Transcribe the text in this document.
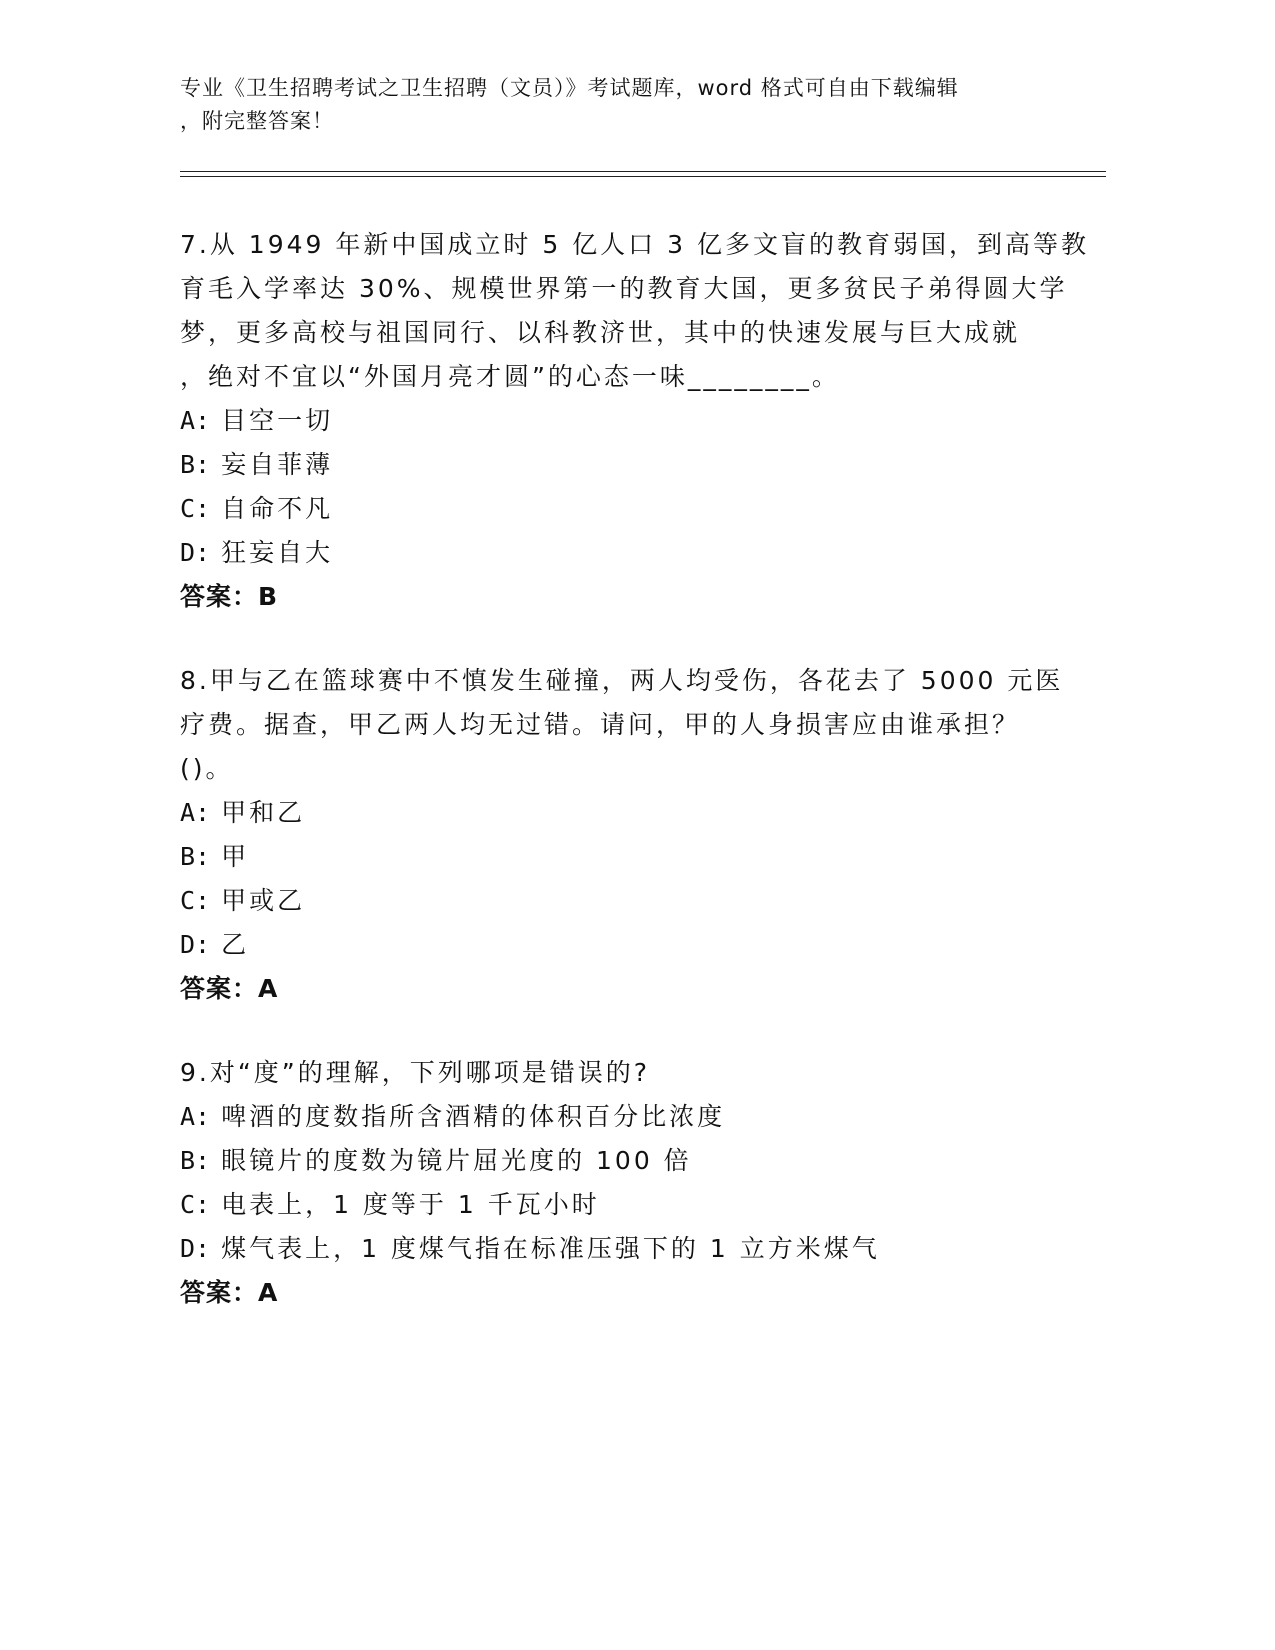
专业《卫生招聘考试之卫生招聘（文员）》考试题库，word 格式可自由下载编辑
，附完整答案！
7.从 1949 年新中国成立时 5 亿人口 3 亿多文盲的教育弱国，到高等教
育毛入学率达 30%、规模世界第一的教育大国，更多贫民子弟得圆大学
梦，更多高校与祖国同行、以科教济世，其中的快速发展与巨大成就
，绝对不宜以“外国月亮才圆”的心态一味________。
A: 目空一切
B: 妄自菲薄
C: 自命不凡
D: 狂妄自大
答案：B
8.甲与乙在篮球赛中不慎发生碰撞，两人均受伤，各花去了 5000 元医
疗费。据查，甲乙两人均无过错。请问，甲的人身损害应由谁承担？
()。
A: 甲和乙
B: 甲
C: 甲或乙
D: 乙
答案：A
9.对“度”的理解，下列哪项是错误的?
A: 啤酒的度数指所含酒精的体积百分比浓度
B: 眼镜片的度数为镜片屈光度的 100 倍
C: 电表上，1 度等于 1 千瓦小时
D: 煤气表上，1 度煤气指在标准压强下的 1 立方米煤气
答案：A
